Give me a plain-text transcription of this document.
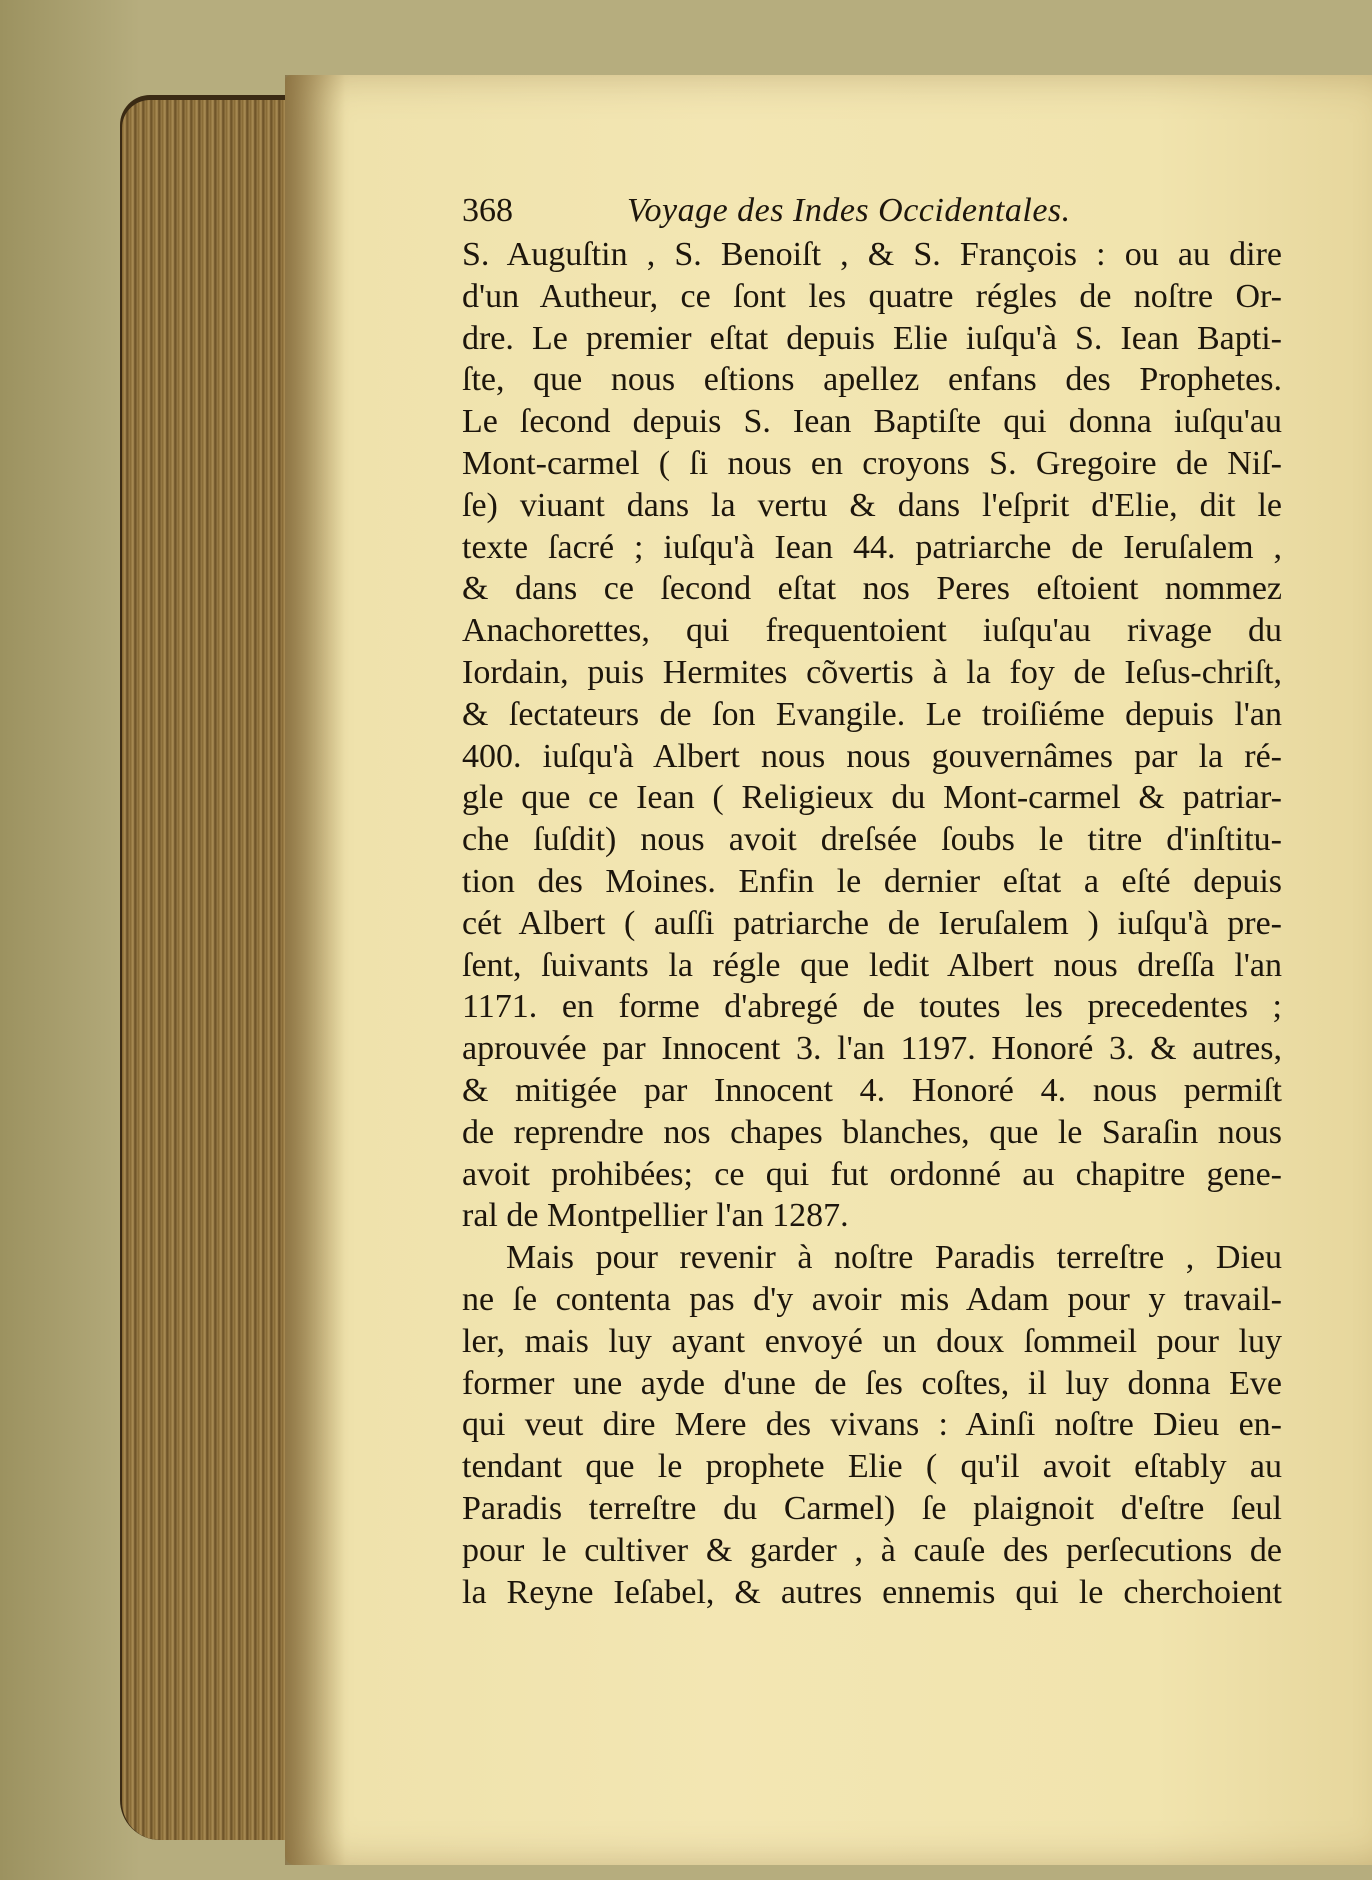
368	Voyage des Indes Occidentales.
S. Auguſtin , S. Benoiſt , & S. François : ou au dire
d'un Autheur, ce ſont les quatre régles de noſtre Or-
dre. Le premier eſtat depuis Elie iuſqu'à S. Iean Bapti-
ſte, que nous eſtions apellez enfans des Prophetes.
Le ſecond depuis S. Iean Baptiſte qui donna iuſqu'au
Mont-carmel ( ſi nous en croyons S. Gregoire de Niſ-
ſe) viuant dans la vertu & dans l'eſprit d'Elie, dit le
texte ſacré ; iuſqu'à Iean 44. patriarche de Ieruſalem ,
& dans ce ſecond eſtat nos Peres eſtoient nommez
Anachorettes, qui frequentoient iuſqu'au rivage du
Iordain, puis Hermites cõvertis à la foy de Ieſus-chriſt,
& ſectateurs de ſon Evangile. Le troiſiéme depuis l'an
400. iuſqu'à Albert nous nous gouvernâmes par la ré-
gle que ce Iean ( Religieux du Mont-carmel & patriar-
che ſuſdit) nous avoit dreſsée ſoubs le titre d'inſtitu-
tion des Moines. Enfin le dernier eſtat a eſté depuis
cét Albert ( auſſi patriarche de Ieruſalem ) iuſqu'à pre-
ſent, ſuivants la régle que ledit Albert nous dreſſa l'an
1171. en forme d'abregé de toutes les precedentes ;
aprouvée par Innocent 3. l'an 1197. Honoré 3. & autres,
& mitigée par Innocent 4. Honoré 4. nous permiſt
de reprendre nos chapes blanches, que le Saraſin nous
avoit prohibées; ce qui fut ordonné au chapitre gene-
ral de Montpellier l'an 1287.
Mais pour revenir à noſtre Paradis terreſtre , Dieu
ne ſe contenta pas d'y avoir mis Adam pour y travail-
ler, mais luy ayant envoyé un doux ſommeil pour luy
former une ayde d'une de ſes coſtes, il luy donna Eve
qui veut dire Mere des vivans : Ainſi noſtre Dieu en-
tendant que le prophete Elie ( qu'il avoit eſtably au
Paradis terreſtre du Carmel) ſe plaignoit d'eſtre ſeul
pour le cultiver & garder , à cauſe des perſecutions de
la Reyne Ieſabel, & autres ennemis qui le cherchoient
